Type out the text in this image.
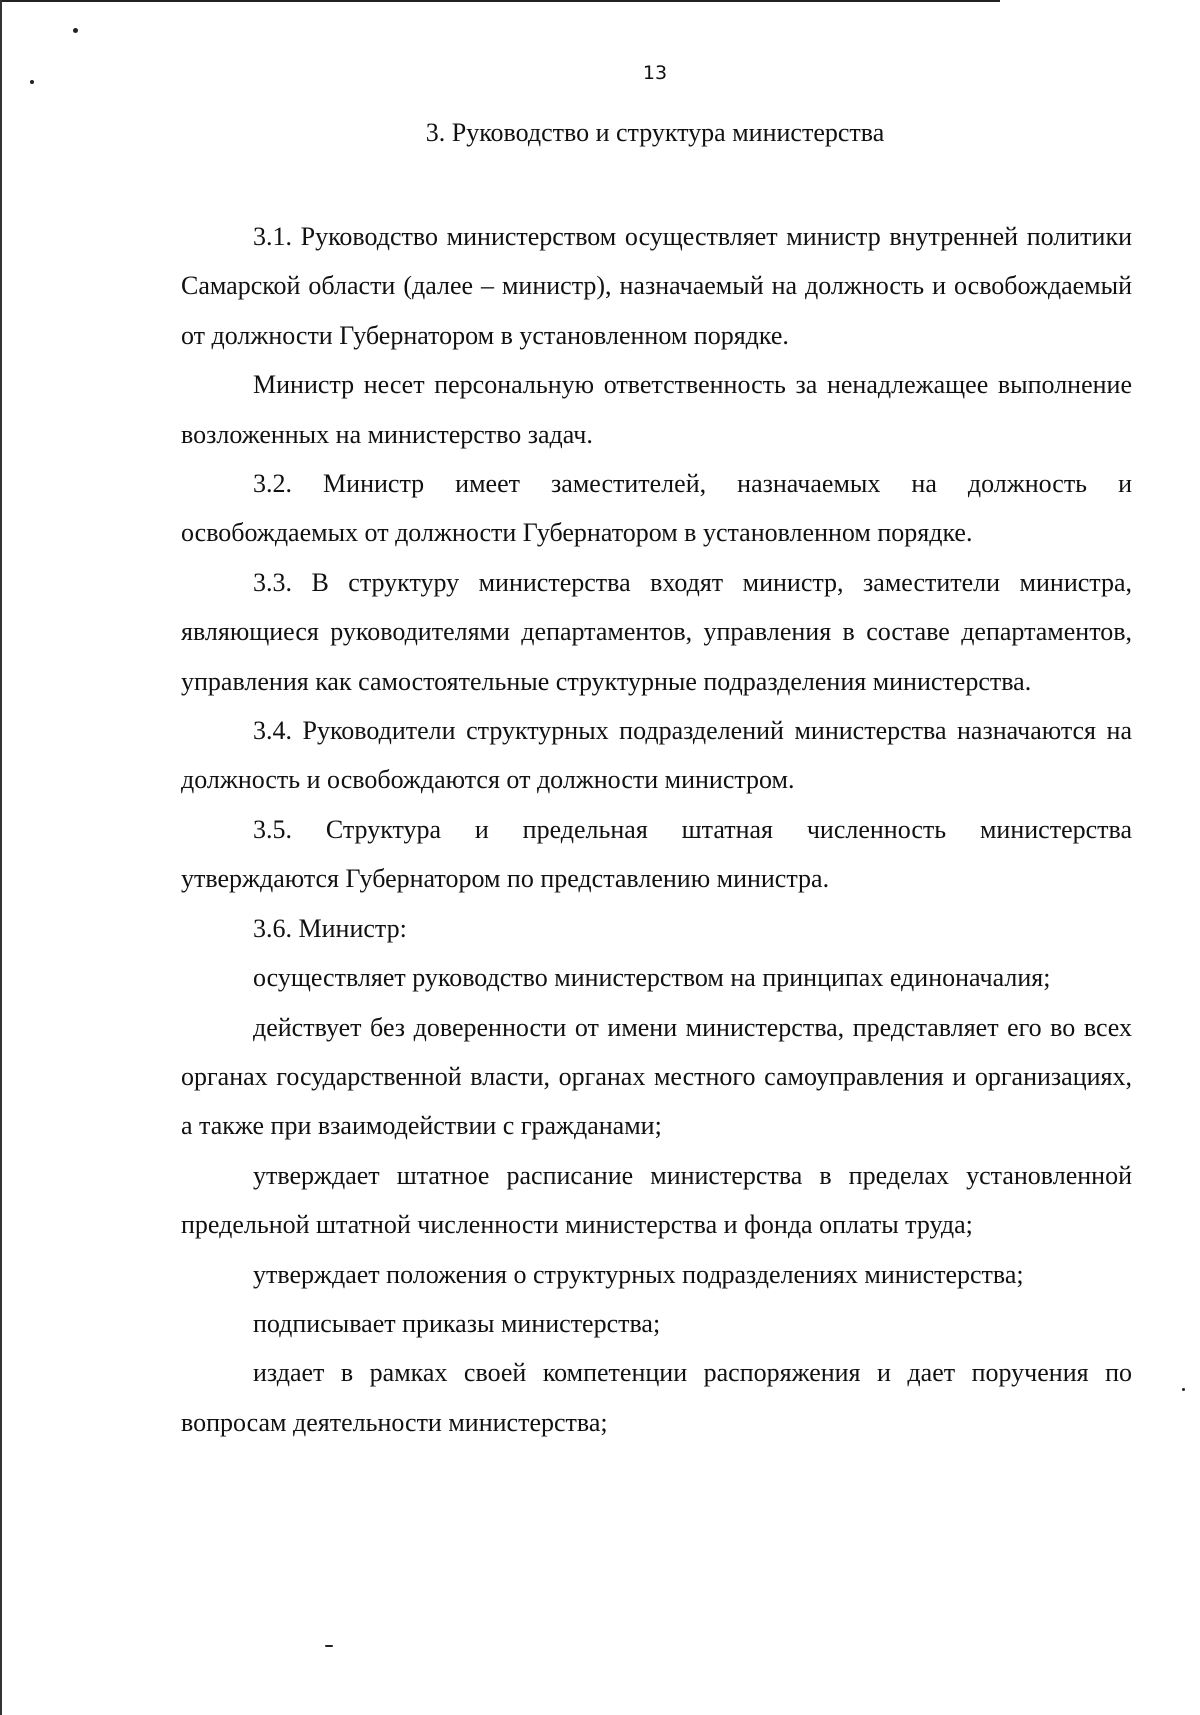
13
3. Руководство и структура министерства

3.1. Руководство министерством осуществляет министр внутренней политики Самарской области (далее – министр), назначаемый на должность и освобождаемый от должности Губернатором в установленном порядке.

Министр несет персональную ответственность за ненадлежащее выполнение возложенных на министерство задач.

3.2. Министр имеет заместителей, назначаемых на должность и освобождаемых от должности Губернатором в установленном порядке.

3.3. В структуру министерства входят министр, заместители министра, являющиеся руководителями департаментов, управления в составе департаментов, управления как самостоятельные структурные подразделения министерства.

3.4. Руководители структурных подразделений министерства назначаются на должность и освобождаются от должности министром.

3.5. Структура и предельная штатная численность министерства утверждаются Губернатором по представлению министра.

3.6. Министр:

осуществляет руководство министерством на принципах единоначалия;

действует без доверенности от имени министерства, представляет его во всех органах государственной власти, органах местного самоуправления и организациях, а также при взаимодействии с гражданами;

утверждает штатное расписание министерства в пределах установленной предельной штатной численности министерства и фонда оплаты труда;

утверждает положения о структурных подразделениях министерства;

подписывает приказы министерства;

издает в рамках своей компетенции распоряжения и дает поручения по вопросам деятельности министерства;
